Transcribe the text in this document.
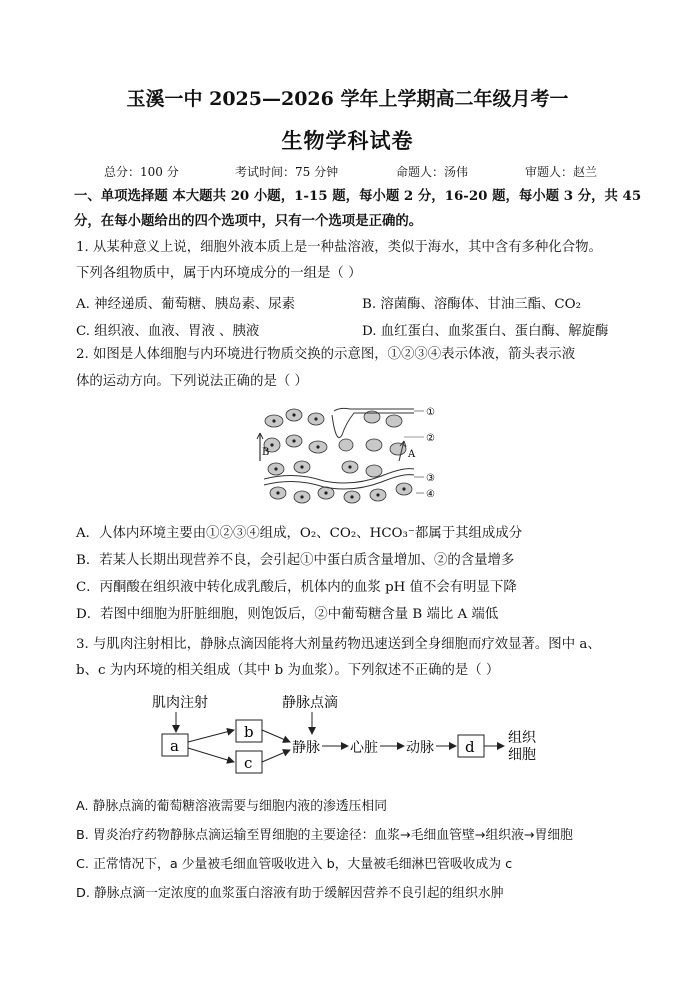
玉溪一中 2025—2026 学年上学期高二年级月考一
生物学科试卷
总分：100 分	考试时间：75 分钟	命题人：汤伟	审题人：赵兰
一、单项选择题 本大题共 20 小题，1-15 题，每小题 2 分，16-20 题，每小题 3 分，共 45
分，在每小题给出的四个选项中，只有一个选项是正确的。
1. 从某种意义上说，细胞外液本质上是一种盐溶液，类似于海水，其中含有多种化合物。
下列各组物质中，属于内环境成分的一组是（ ）
A. 神经递质、葡萄糖、胰岛素、尿素	B. 溶菌酶、溶酶体、甘油三酯、CO₂
C. 组织液、血液、胃液 、胰液	D. 血红蛋白、血浆蛋白、蛋白酶、解旋酶
2. 如图是人体细胞与内环境进行物质交换的示意图，①②③④表示体液，箭头表示液
体的运动方向。下列说法正确的是（ ）
①
②
③
④
A
B
A．人体内环境主要由①②③④组成，O₂、CO₂、HCO₃⁻都属于其组成成分
B．若某人长期出现营养不良，会引起①中蛋白质含量增加、②的含量增多
C．丙酮酸在组织液中转化成乳酸后，机体内的血浆 pH 值不会有明显下降
D．若图中细胞为肝脏细胞，则饱饭后，②中葡萄糖含量 B 端比 A 端低
3. 与肌肉注射相比，静脉点滴因能将大剂量药物迅速送到全身细胞而疗效显著。图中 a、
b、c 为内环境的相关组成（其中 b 为血浆）。下列叙述不正确的是（ ）
肌肉注射	静脉点滴
a
b
c
静脉 心脏 动脉 d 组织
细胞
A. 静脉点滴的葡萄糖溶液需要与细胞内液的渗透压相同
B. 胃炎治疗药物静脉点滴运输至胃细胞的主要途径：血浆→毛细血管壁→组织液→胃细胞
C. 正常情况下，a 少量被毛细血管吸收进入 b，大量被毛细淋巴管吸收成为 c
D. 静脉点滴一定浓度的血浆蛋白溶液有助于缓解因营养不良引起的组织水肿
